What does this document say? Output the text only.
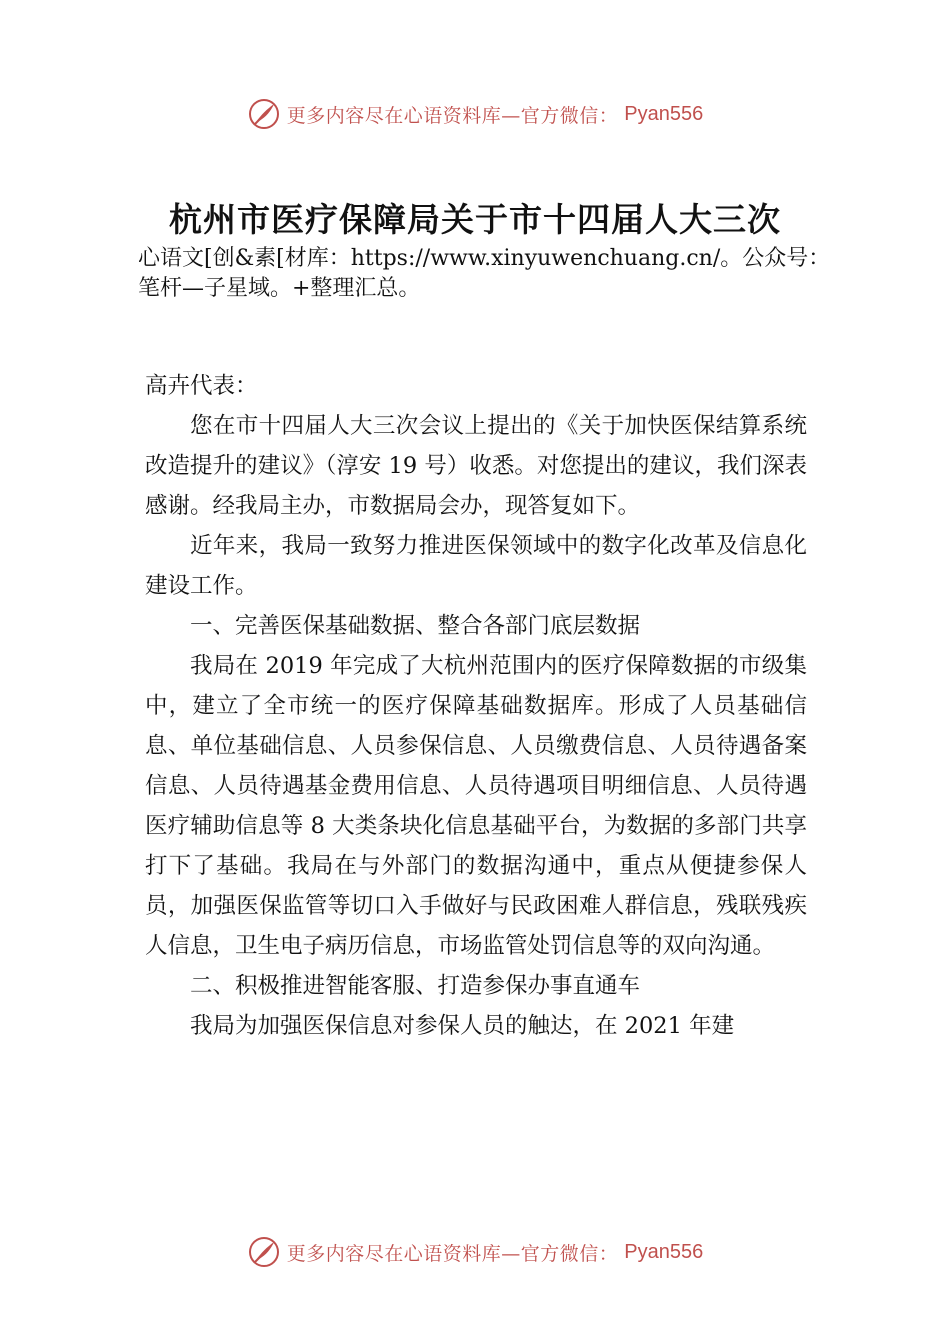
更多内容尽在心语资料库—官方微信： Pyan556
杭州市医疗保障局关于市十四届人大三次
心语文[创&素[材库：https://www.xinyuwenchuang.cn/。公众号：笔杆—子星域。+整理汇总。

高卉代表：

您在市十四届人大三次会议上提出的《关于加快医保结算系统改造提升的建议》（淳安 19 号）收悉。对您提出的建议，我们深表感谢。经我局主办，市数据局会办，现答复如下。

近年来，我局一致努力推进医保领域中的数字化改革及信息化建设工作。

一、完善医保基础数据、整合各部门底层数据

我局在 2019 年完成了大杭州范围内的医疗保障数据的市级集中，建立了全市统一的医疗保障基础数据库。形成了人员基础信息、单位基础信息、人员参保信息、人员缴费信息、人员待遇备案信息、人员待遇基金费用信息、人员待遇项目明细信息、人员待遇医疗辅助信息等 8 大类条块化信息基础平台，为数据的多部门共享打下了基础。我局在与外部门的数据沟通中，重点从便捷参保人员，加强医保监管等切口入手做好与民政困难人群信息，残联残疾人信息，卫生电子病历信息，市场监管处罚信息等的双向沟通。

二、积极推进智能客服、打造参保办事直通车

我局为加强医保信息对参保人员的触达，在 2021 年建

更多内容尽在心语资料库—官方微信： Pyan556
